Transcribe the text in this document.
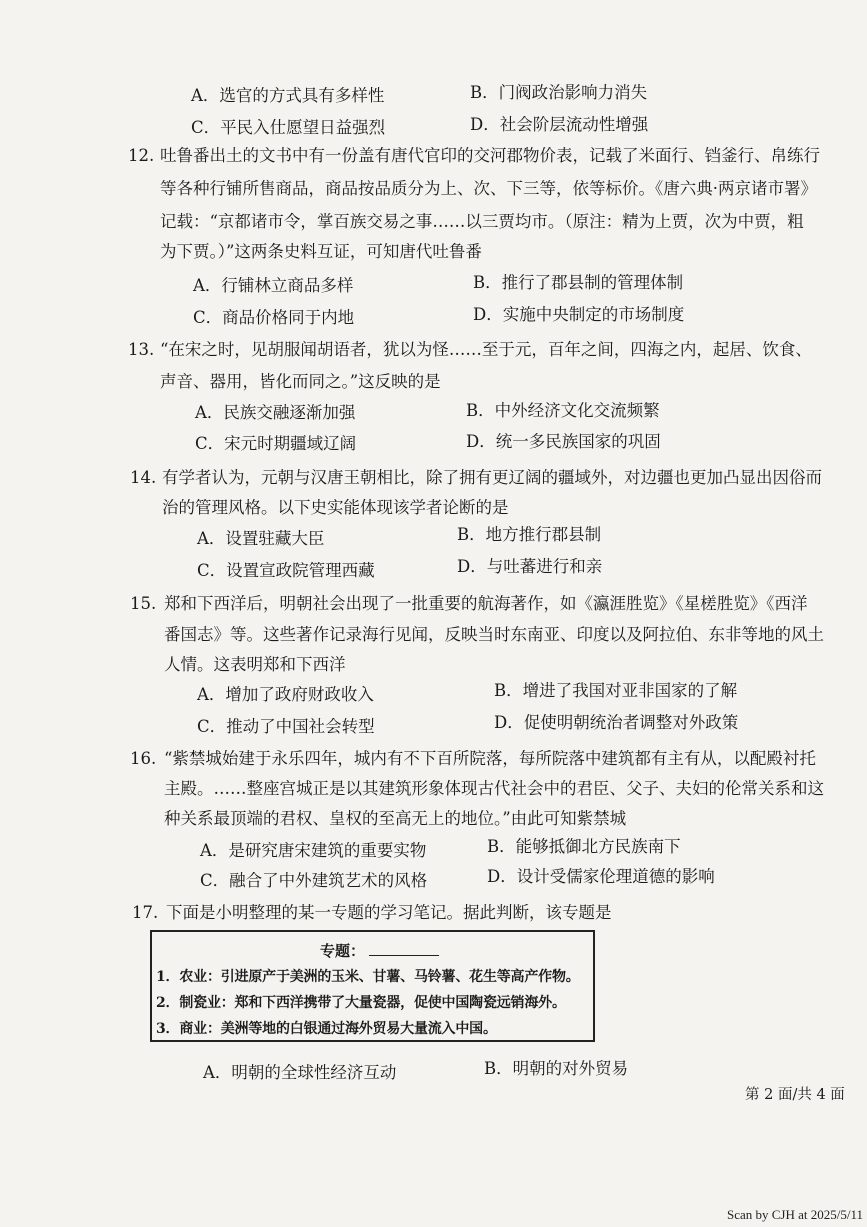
A．选官的方式具有多样性	B．门阀政治影响力消失
C．平民入仕愿望日益强烈	D．社会阶层流动性增强
12. 吐鲁番出土的文书中有一份盖有唐代官印的交河郡物价表，记载了米面行、铛釜行、帛练行
等各种行铺所售商品，商品按品质分为上、次、下三等，依等标价。《唐六典·两京诸市署》
记载：“京都诸市令，掌百族交易之事……以三贾均市。（原注：精为上贾，次为中贾，粗
为下贾。）”这两条史料互证，可知唐代吐鲁番
A．行铺林立商品多样	B．推行了郡县制的管理体制
C．商品价格同于内地	D．实施中央制定的市场制度
13. “在宋之时，见胡服闻胡语者，犹以为怪……至于元，百年之间，四海之内，起居、饮食、
声音、器用，皆化而同之。”这反映的是
A．民族交融逐渐加强	B．中外经济文化交流频繁
C．宋元时期疆域辽阔	D．统一多民族国家的巩固
14. 有学者认为，元朝与汉唐王朝相比，除了拥有更辽阔的疆域外，对边疆也更加凸显出因俗而
治的管理风格。以下史实能体现该学者论断的是
A．设置驻藏大臣	B．地方推行郡县制
C．设置宣政院管理西藏	D．与吐蕃进行和亲
15. 郑和下西洋后，明朝社会出现了一批重要的航海著作，如《瀛涯胜览》《星槎胜览》《西洋
番国志》等。这些著作记录海行见闻，反映当时东南亚、印度以及阿拉伯、东非等地的风土
人情。这表明郑和下西洋
A．增加了政府财政收入	B．增进了我国对亚非国家的了解
C．推动了中国社会转型	D．促使明朝统治者调整对外政策
16. “紫禁城始建于永乐四年，城内有不下百所院落，每所院落中建筑都有主有从，以配殿衬托
主殿。……整座宫城正是以其建筑形象体现古代社会中的君臣、父子、夫妇的伦常关系和这
种关系最顶端的君权、皇权的至高无上的地位。”由此可知紫禁城
A．是研究唐宋建筑的重要实物	B．能够抵御北方民族南下
C．融合了中外建筑艺术的风格	D．设计受儒家伦理道德的影响
17. 下面是小明整理的某一专题的学习笔记。据此判断，该专题是
专题：
1．农业：引进原产于美洲的玉米、甘薯、马铃薯、花生等高产作物。
2．制瓷业：郑和下西洋携带了大量瓷器，促使中国陶瓷远销海外。
3．商业：美洲等地的白银通过海外贸易大量流入中国。
A．明朝的全球性经济互动	B．明朝的对外贸易
第 2 面/共 4 面
Scan by CJH at 2025/5/11
